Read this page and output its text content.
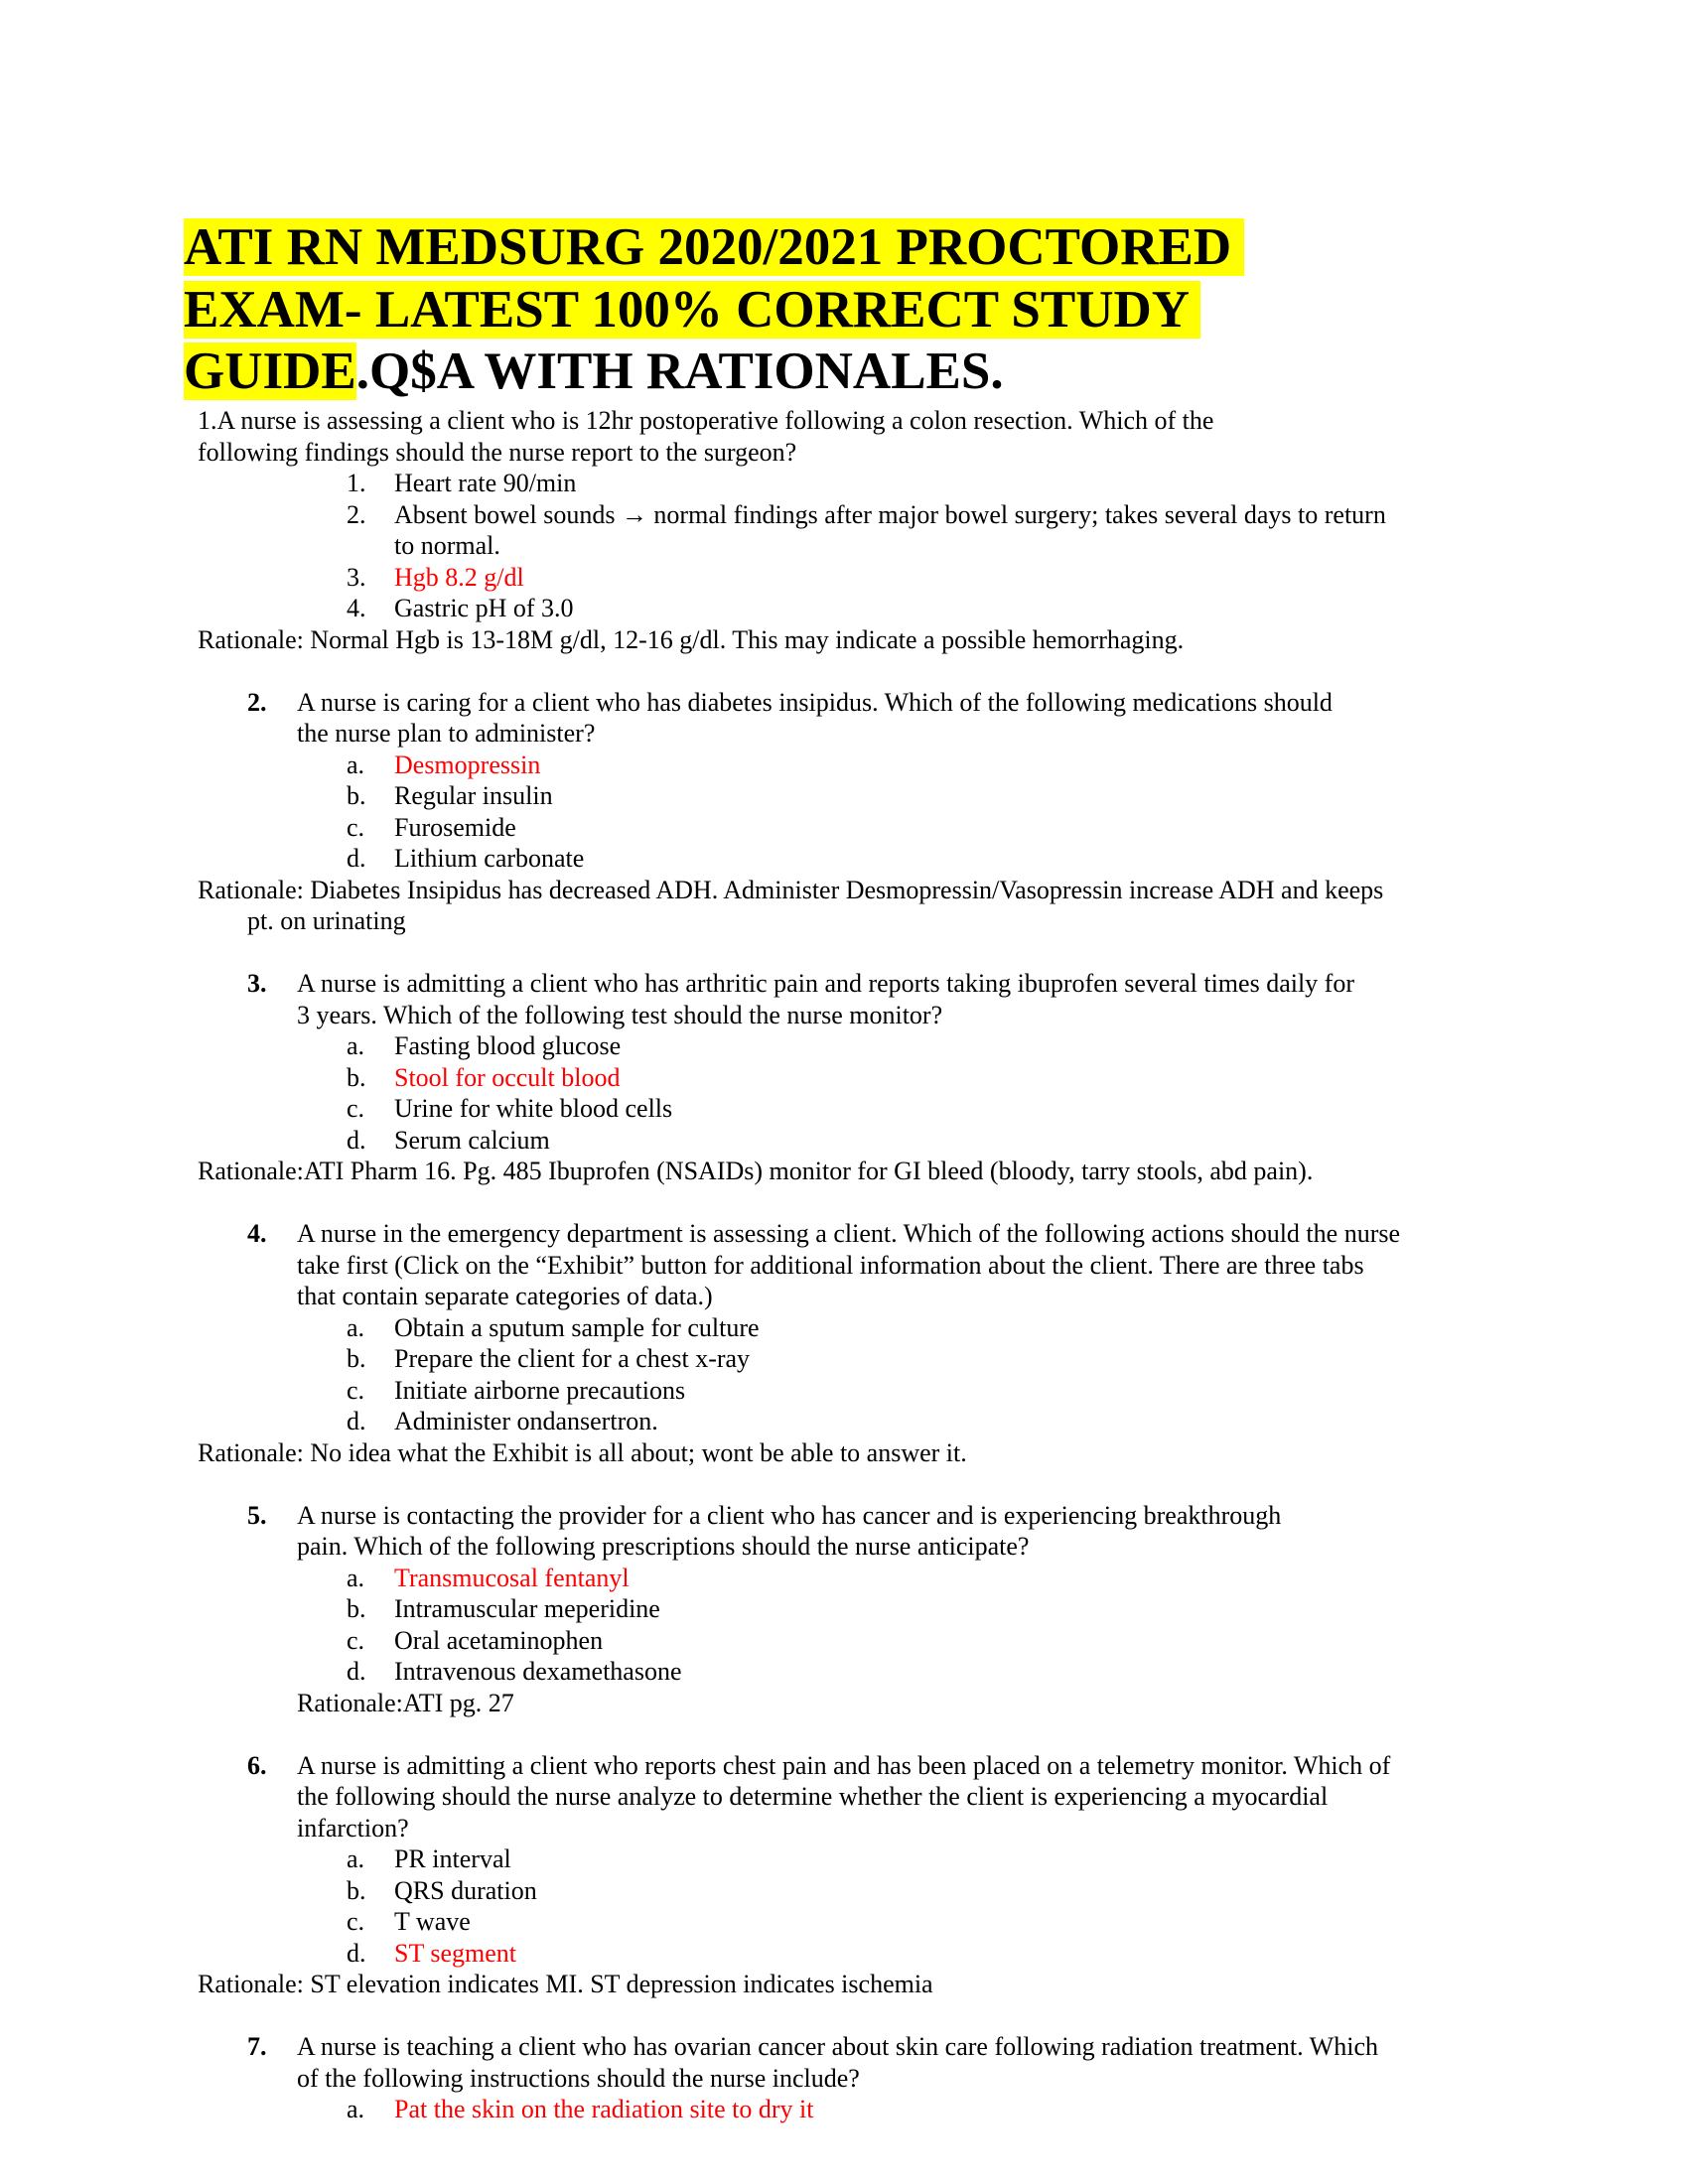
ATI RN MEDSURG 2020/2021 PROCTORED
EXAM- LATEST 100% CORRECT STUDY
GUIDE.Q$A WITH RATIONALES.
1.A nurse is assessing a client who is 12hr postoperative following a colon resection. Which of the
following findings should the nurse report to the surgeon?
1. Heart rate 90/min
2. Absent bowel sounds → normal findings after major bowel surgery; takes several days to return
to normal.
3. Hgb 8.2 g/dl
4. Gastric pH of 3.0
Rationale: Normal Hgb is 13-18M g/dl, 12-16 g/dl. This may indicate a possible hemorrhaging.
2. A nurse is caring for a client who has diabetes insipidus. Which of the following medications should
the nurse plan to administer?
a. Desmopressin
b. Regular insulin
c. Furosemide
d. Lithium carbonate
Rationale: Diabetes Insipidus has decreased ADH. Administer Desmopressin/Vasopressin increase ADH and keeps
pt. on urinating
3. A nurse is admitting a client who has arthritic pain and reports taking ibuprofen several times daily for
3 years. Which of the following test should the nurse monitor?
a. Fasting blood glucose
b. Stool for occult blood
c. Urine for white blood cells
d. Serum calcium
Rationale:ATI Pharm 16. Pg. 485 Ibuprofen (NSAIDs) monitor for GI bleed (bloody, tarry stools, abd pain).
4. A nurse in the emergency department is assessing a client. Which of the following actions should the nurse
take first (Click on the “Exhibit” button for additional information about the client. There are three tabs
that contain separate categories of data.)
a. Obtain a sputum sample for culture
b. Prepare the client for a chest x-ray
c. Initiate airborne precautions
d. Administer ondansertron.
Rationale: No idea what the Exhibit is all about; wont be able to answer it.
5. A nurse is contacting the provider for a client who has cancer and is experiencing breakthrough
pain. Which of the following prescriptions should the nurse anticipate?
a. Transmucosal fentanyl
b. Intramuscular meperidine
c. Oral acetaminophen
d. Intravenous dexamethasone
Rationale:ATI pg. 27
6. A nurse is admitting a client who reports chest pain and has been placed on a telemetry monitor. Which of
the following should the nurse analyze to determine whether the client is experiencing a myocardial
infarction?
a. PR interval
b. QRS duration
c. T wave
d. ST segment
Rationale: ST elevation indicates MI. ST depression indicates ischemia
7. A nurse is teaching a client who has ovarian cancer about skin care following radiation treatment. Which
of the following instructions should the nurse include?
a. Pat the skin on the radiation site to dry it
